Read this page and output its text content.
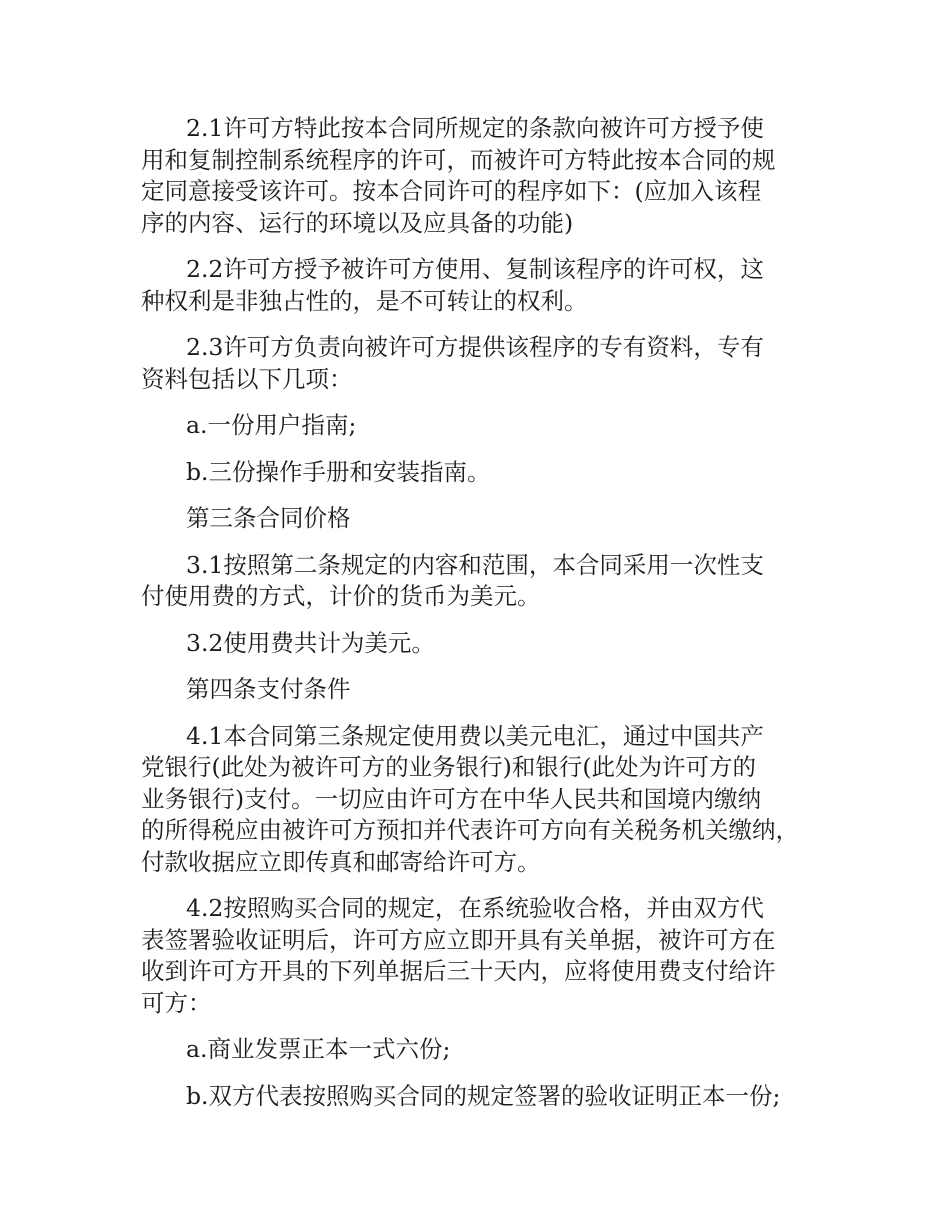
2.1许可方特此按本合同所规定的条款向被许可方授予使
用和复制控制系统程序的许可，而被许可方特此按本合同的规
定同意接受该许可。按本合同许可的程序如下：(应加入该程
序的内容、运行的环境以及应具备的功能)

2.2许可方授予被许可方使用、复制该程序的许可权，这
种权利是非独占性的，是不可转让的权利。

2.3许可方负责向被许可方提供该程序的专有资料，专有
资料包括以下几项：

a.一份用户指南;

b.三份操作手册和安装指南。

第三条合同价格

3.1按照第二条规定的内容和范围，本合同采用一次性支
付使用费的方式，计价的货币为美元。

3.2使用费共计为美元。

第四条支付条件

4.1本合同第三条规定使用费以美元电汇，通过中国共产
党银行(此处为被许可方的业务银行)和银行(此处为许可方的
业务银行)支付。一切应由许可方在中华人民共和国境内缴纳
的所得税应由被许可方预扣并代表许可方向有关税务机关缴纳，
付款收据应立即传真和邮寄给许可方。

4.2按照购买合同的规定，在系统验收合格，并由双方代
表签署验收证明后，许可方应立即开具有关单据，被许可方在
收到许可方开具的下列单据后三十天内，应将使用费支付给许
可方：

a.商业发票正本一式六份;

b.双方代表按照购买合同的规定签署的验收证明正本一份;
